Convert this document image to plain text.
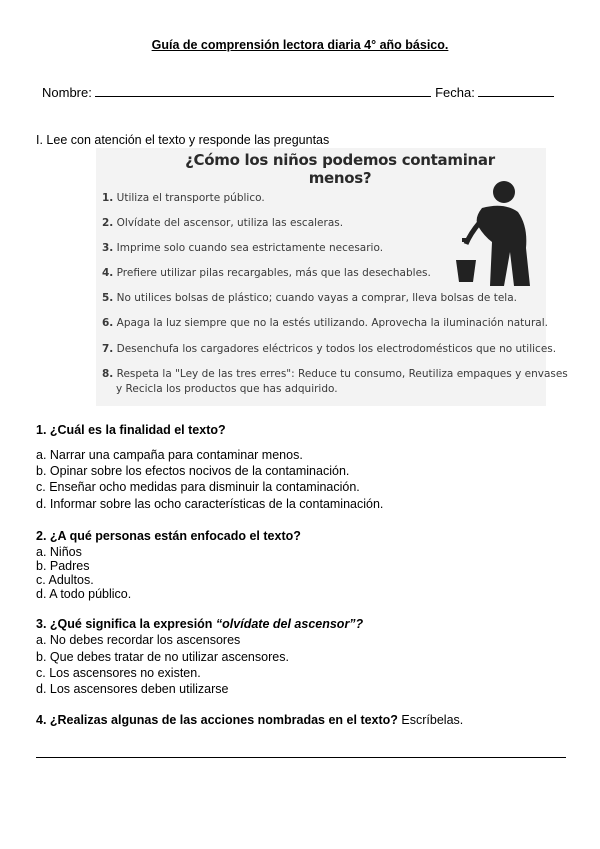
Guía de comprensión lectora diaria 4° año básico.
Nombre:	Fecha:
I. Lee con atención el texto y responde las preguntas
¿Cómo los niños podemos contaminar menos?
1. Utiliza el transporte público.
2. Olvídate del ascensor, utiliza las escaleras.
3. Imprime solo cuando sea estrictamente necesario.
4. Prefiere utilizar pilas recargables, más que las desechables.
5. No utilices bolsas de plástico; cuando vayas a comprar, lleva bolsas de tela.
6. Apaga la luz siempre que no la estés utilizando. Aprovecha la iluminación natural.
7. Desenchufa los cargadores eléctricos y todos los electrodomésticos que no utilices.
8. Respeta la "Ley de las tres erres": Reduce tu consumo, Reutiliza empaques y envases
y Recicla los productos que has adquirido.
1. ¿Cuál es la finalidad el texto?
a. Narrar una campaña para contaminar menos.
b. Opinar sobre los efectos nocivos de la contaminación.
c. Enseñar ocho medidas para disminuir la contaminación.
d. Informar sobre las ocho características de la contaminación.
2. ¿A qué personas están enfocado el texto?
a. Niños
b. Padres
c. Adultos.
d. A todo público.
3. ¿Qué significa la expresión “olvídate del ascensor”?
a. No debes recordar los ascensores
b. Que debes tratar de no utilizar ascensores.
c. Los ascensores no existen.
d. Los ascensores deben utilizarse
4. ¿Realizas algunas de las acciones nombradas en el texto? Escríbelas.
